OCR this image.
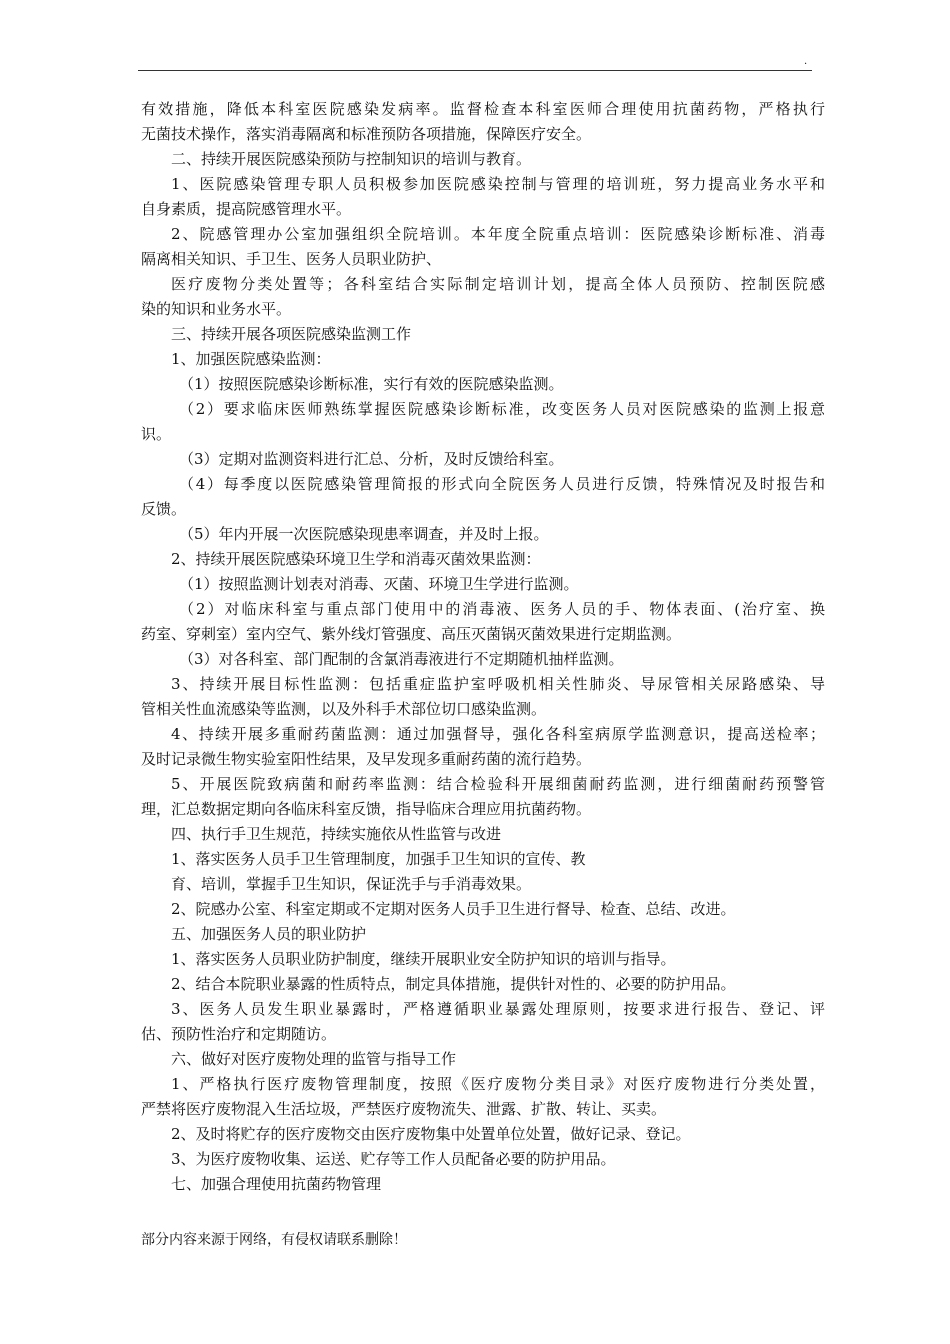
.
有效措施，降低本科室医院感染发病率。监督检查本科室医师合理使用抗菌药物，严格执行
无菌技术操作，落实消毒隔离和标准预防各项措施，保障医疗安全。
二、持续开展医院感染预防与控制知识的培训与教育。
1、医院感染管理专职人员积极参加医院感染控制与管理的培训班，努力提高业务水平和
自身素质，提高院感管理水平。
2、院感管理办公室加强组织全院培训。本年度全院重点培训：医院感染诊断标准、消毒
隔离相关知识、手卫生、医务人员职业防护、
医疗废物分类处置等；各科室结合实际制定培训计划，提高全体人员预防、控制医院感
染的知识和业务水平。
三、持续开展各项医院感染监测工作
1、加强医院感染监测：
（1）按照医院感染诊断标准，实行有效的医院感染监测。
（2）要求临床医师熟练掌握医院感染诊断标准，改变医务人员对医院感染的监测上报意
识。
（3）定期对监测资料进行汇总、分析，及时反馈给科室。
（4）每季度以医院感染管理简报的形式向全院医务人员进行反馈，特殊情况及时报告和
反馈。
（5）年内开展一次医院感染现患率调查，并及时上报。
2、持续开展医院感染环境卫生学和消毒灭菌效果监测：
（1）按照监测计划表对消毒、灭菌、环境卫生学进行监测。
（2）对临床科室与重点部门使用中的消毒液、医务人员的手、物体表面、(治疗室、换
药室、穿刺室）室内空气、紫外线灯管强度、高压灭菌锅灭菌效果进行定期监测。
（3）对各科室、部门配制的含氯消毒液进行不定期随机抽样监测。
3、持续开展目标性监测：包括重症监护室呼吸机相关性肺炎、导尿管相关尿路感染、导
管相关性血流感染等监测，以及外科手术部位切口感染监测。
4、持续开展多重耐药菌监测：通过加强督导，强化各科室病原学监测意识，提高送检率；
及时记录微生物实验室阳性结果，及早发现多重耐药菌的流行趋势。
5、开展医院致病菌和耐药率监测：结合检验科开展细菌耐药监测，进行细菌耐药预警管
理，汇总数据定期向各临床科室反馈，指导临床合理应用抗菌药物。
四、执行手卫生规范，持续实施依从性监管与改进
1、落实医务人员手卫生管理制度，加强手卫生知识的宣传、教
育、培训，掌握手卫生知识，保证洗手与手消毒效果。
2、院感办公室、科室定期或不定期对医务人员手卫生进行督导、检查、总结、改进。
五、加强医务人员的职业防护
1、落实医务人员职业防护制度，继续开展职业安全防护知识的培训与指导。
2、结合本院职业暴露的性质特点，制定具体措施，提供针对性的、必要的防护用品。
3、医务人员发生职业暴露时，严格遵循职业暴露处理原则，按要求进行报告、登记、评
估、预防性治疗和定期随访。
六、做好对医疗废物处理的监管与指导工作
1、严格执行医疗废物管理制度，按照《医疗废物分类目录》对医疗废物进行分类处置，
严禁将医疗废物混入生活垃圾，严禁医疗废物流失、泄露、扩散、转让、买卖。
2、及时将贮存的医疗废物交由医疗废物集中处置单位处置，做好记录、登记。
3、为医疗废物收集、运送、贮存等工作人员配备必要的防护用品。
七、加强合理使用抗菌药物管理
部分内容来源于网络，有侵权请联系删除！
